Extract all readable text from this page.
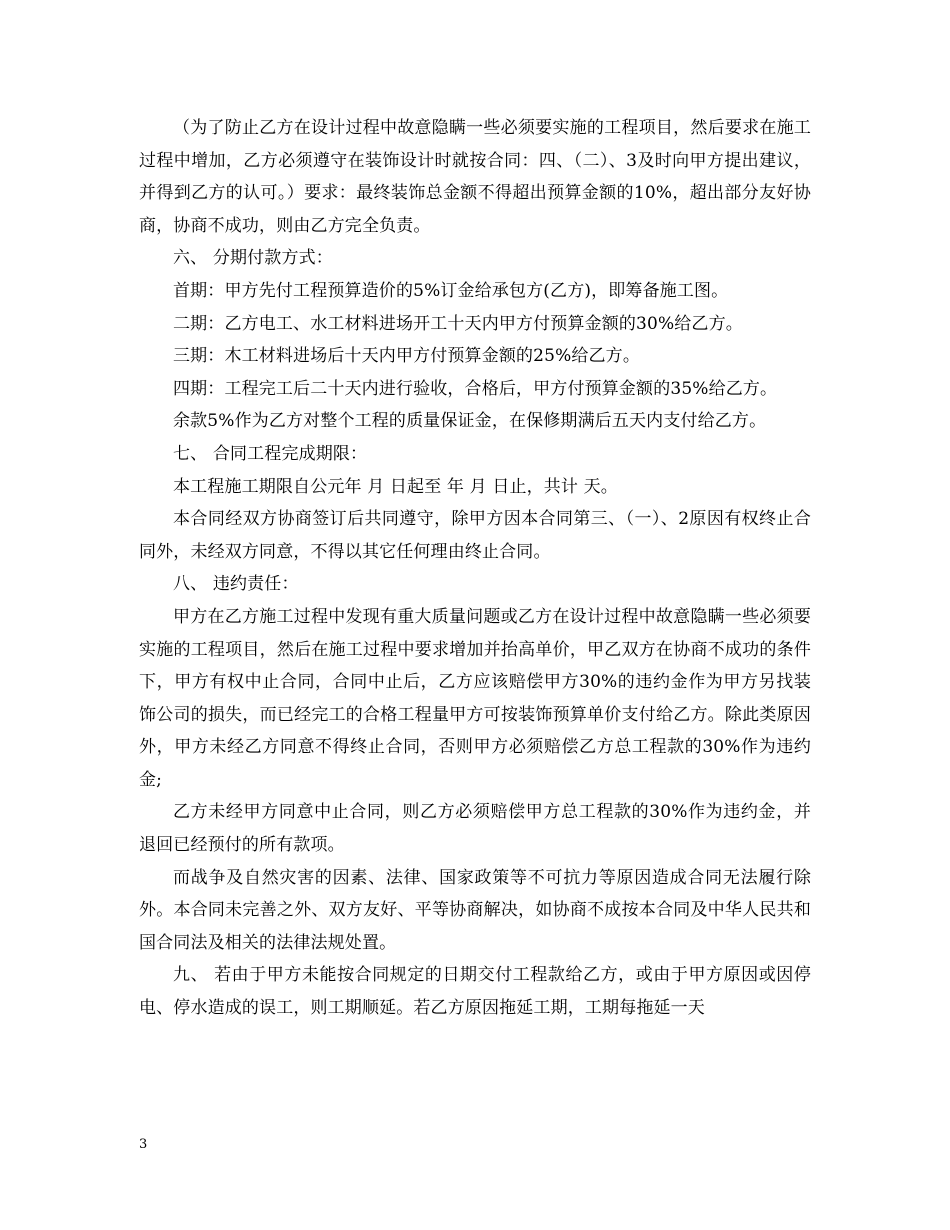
（为了防止乙方在设计过程中故意隐瞒一些必须要实施的工程项目，然后要求在施工过程中增加，乙方必须遵守在装饰设计时就按合同：四、（二）、3及时向甲方提出建议，并得到乙方的认可。）要求：最终装饰总金额不得超出预算金额的10%，超出部分友好协商，协商不成功，则由乙方完全负责。

六、 分期付款方式：

首期：甲方先付工程预算造价的5%订金给承包方(乙方)，即筹备施工图。

二期：乙方电工、水工材料进场开工十天内甲方付预算金额的30%给乙方。

三期：木工材料进场后十天内甲方付预算金额的25%给乙方。

四期：工程完工后二十天内进行验收，合格后，甲方付预算金额的35%给乙方。

余款5%作为乙方对整个工程的质量保证金，在保修期满后五天内支付给乙方。

七、 合同工程完成期限：

本工程施工期限自公元年 月 日起至 年 月 日止，共计 天。

本合同经双方协商签订后共同遵守，除甲方因本合同第三、（一）、2原因有权终止合同外，未经双方同意，不得以其它任何理由终止合同。

八、 违约责任：

甲方在乙方施工过程中发现有重大质量问题或乙方在设计过程中故意隐瞒一些必须要实施的工程项目，然后在施工过程中要求增加并抬高单价，甲乙双方在协商不成功的条件下，甲方有权中止合同，合同中止后，乙方应该赔偿甲方30%的违约金作为甲方另找装饰公司的损失，而已经完工的合格工程量甲方可按装饰预算单价支付给乙方。除此类原因外，甲方未经乙方同意不得终止合同，否则甲方必须赔偿乙方总工程款的30%作为违约金;

乙方未经甲方同意中止合同，则乙方必须赔偿甲方总工程款的30%作为违约金，并退回已经预付的所有款项。

而战争及自然灾害的因素、法律、国家政策等不可抗力等原因造成合同无法履行除外。本合同未完善之外、双方友好、平等协商解决，如协商不成按本合同及中华人民共和国合同法及相关的法律法规处置。

九、 若由于甲方未能按合同规定的日期交付工程款给乙方，或由于甲方原因或因停电、停水造成的误工，则工期顺延。若乙方原因拖延工期，工期每拖延一天

3
